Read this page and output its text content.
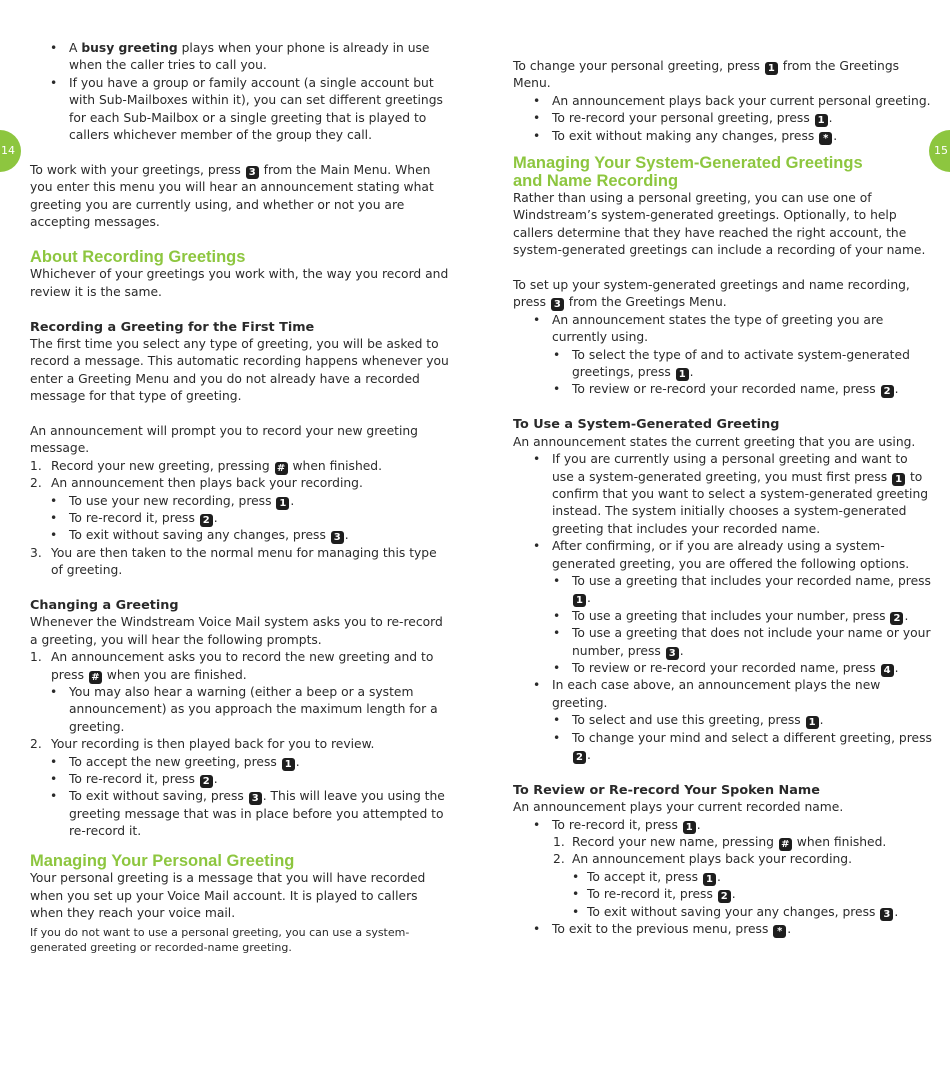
14	15
• A busy greeting plays when your phone is already in use when the caller tries to call you.
• If you have a group or family account (a single account but with Sub-Mailboxes within it), you can set different greetings for each Sub-Mailbox or a single greeting that is played to callers whichever member of the group they call.

To work with your greetings, press 3 from the Main Menu. When you enter this menu you will hear an announcement stating what greeting you are currently using, and whether or not you are accepting messages.

About Recording Greetings

Whichever of your greetings you work with, the way you record and review it is the same.

Recording a Greeting for the First Time

The first time you select any type of greeting, you will be asked to record a message. This automatic recording happens whenever you enter a Greeting Menu and you do not already have a recorded message for that type of greeting.

An announcement will prompt you to record your new greeting message.

1. Record your new greeting, pressing # when finished.
2. An announcement then plays back your recording.
• To use your new recording, press 1 .
• To re-record it, press 2 .
• To exit without saving any changes, press 3 .
3. You are then taken to the normal menu for managing this type of greeting.
Changing a Greeting

Whenever the Windstream Voice Mail system asks you to re-record a greeting, you will hear the following prompts.

1. An announcement asks you to record the new greeting and to press # when you are finished.
• You may also hear a warning (either a beep or a system announcement) as you approach the maximum length for a greeting.
2. Your recording is then played back for you to review.
• To accept the new greeting, press 1 .
• To re-record it, press 2 .
• To exit without saving, press 3 . This will leave you using the greeting message that was in place before you attempted to re-record it.
Managing Your Personal Greeting

Your personal greeting is a message that you will have recorded when you set up your Voice Mail account. It is played to callers when they reach your voice mail.

If you do not want to use a personal greeting, you can use a system-generated greeting or recorded-name greeting.

To change your personal greeting, press 1 from the Greetings Menu.

• An announcement plays back your current personal greeting.
• To re-record your personal greeting, press 1 .
• To exit without making any changes, press * .
Managing Your System-Generated Greetings
and Name Recording

Rather than using a personal greeting, you can use one of Windstream’s system-generated greetings. Optionally, to help callers determine that they have reached the right account, the system-generated greetings can include a recording of your name.

To set up your system-generated greetings and name recording, press 3 from the Greetings Menu.

• An announcement states the type of greeting you are currently using.
• To select the type of and to activate system-generated greetings, press 1 .
• To review or re-record your recorded name, press 2 .
To Use a System-Generated Greeting

An announcement states the current greeting that you are using.

• If you are currently using a personal greeting and want to use a system-generated greeting, you must first press 1 to confirm that you want to select a system-generated greeting instead. The system initially chooses a system-generated greeting that includes your recorded name.
• After confirming, or if you are already using a system-generated greeting, you are offered the following options.
• To use a greeting that includes your recorded name, press 1 .
• To use a greeting that includes your number, press 2 .
• To use a greeting that does not include your name or your number, press 3 .
• To review or re-record your recorded name, press 4 .
• In each case above, an announcement plays the new greeting.
• To select and use this greeting, press 1 .
• To change your mind and select a different greeting, press 2 .
To Review or Re-record Your Spoken Name

An announcement plays your current recorded name.

• To re-record it, press 1 .
1. Record your new name, pressing # when finished.
2. An announcement plays back your recording.
• To accept it, press 1 .
• To re-record it, press 2 .
• To exit without saving your any changes, press 3 .
• To exit to the previous menu, press * .
